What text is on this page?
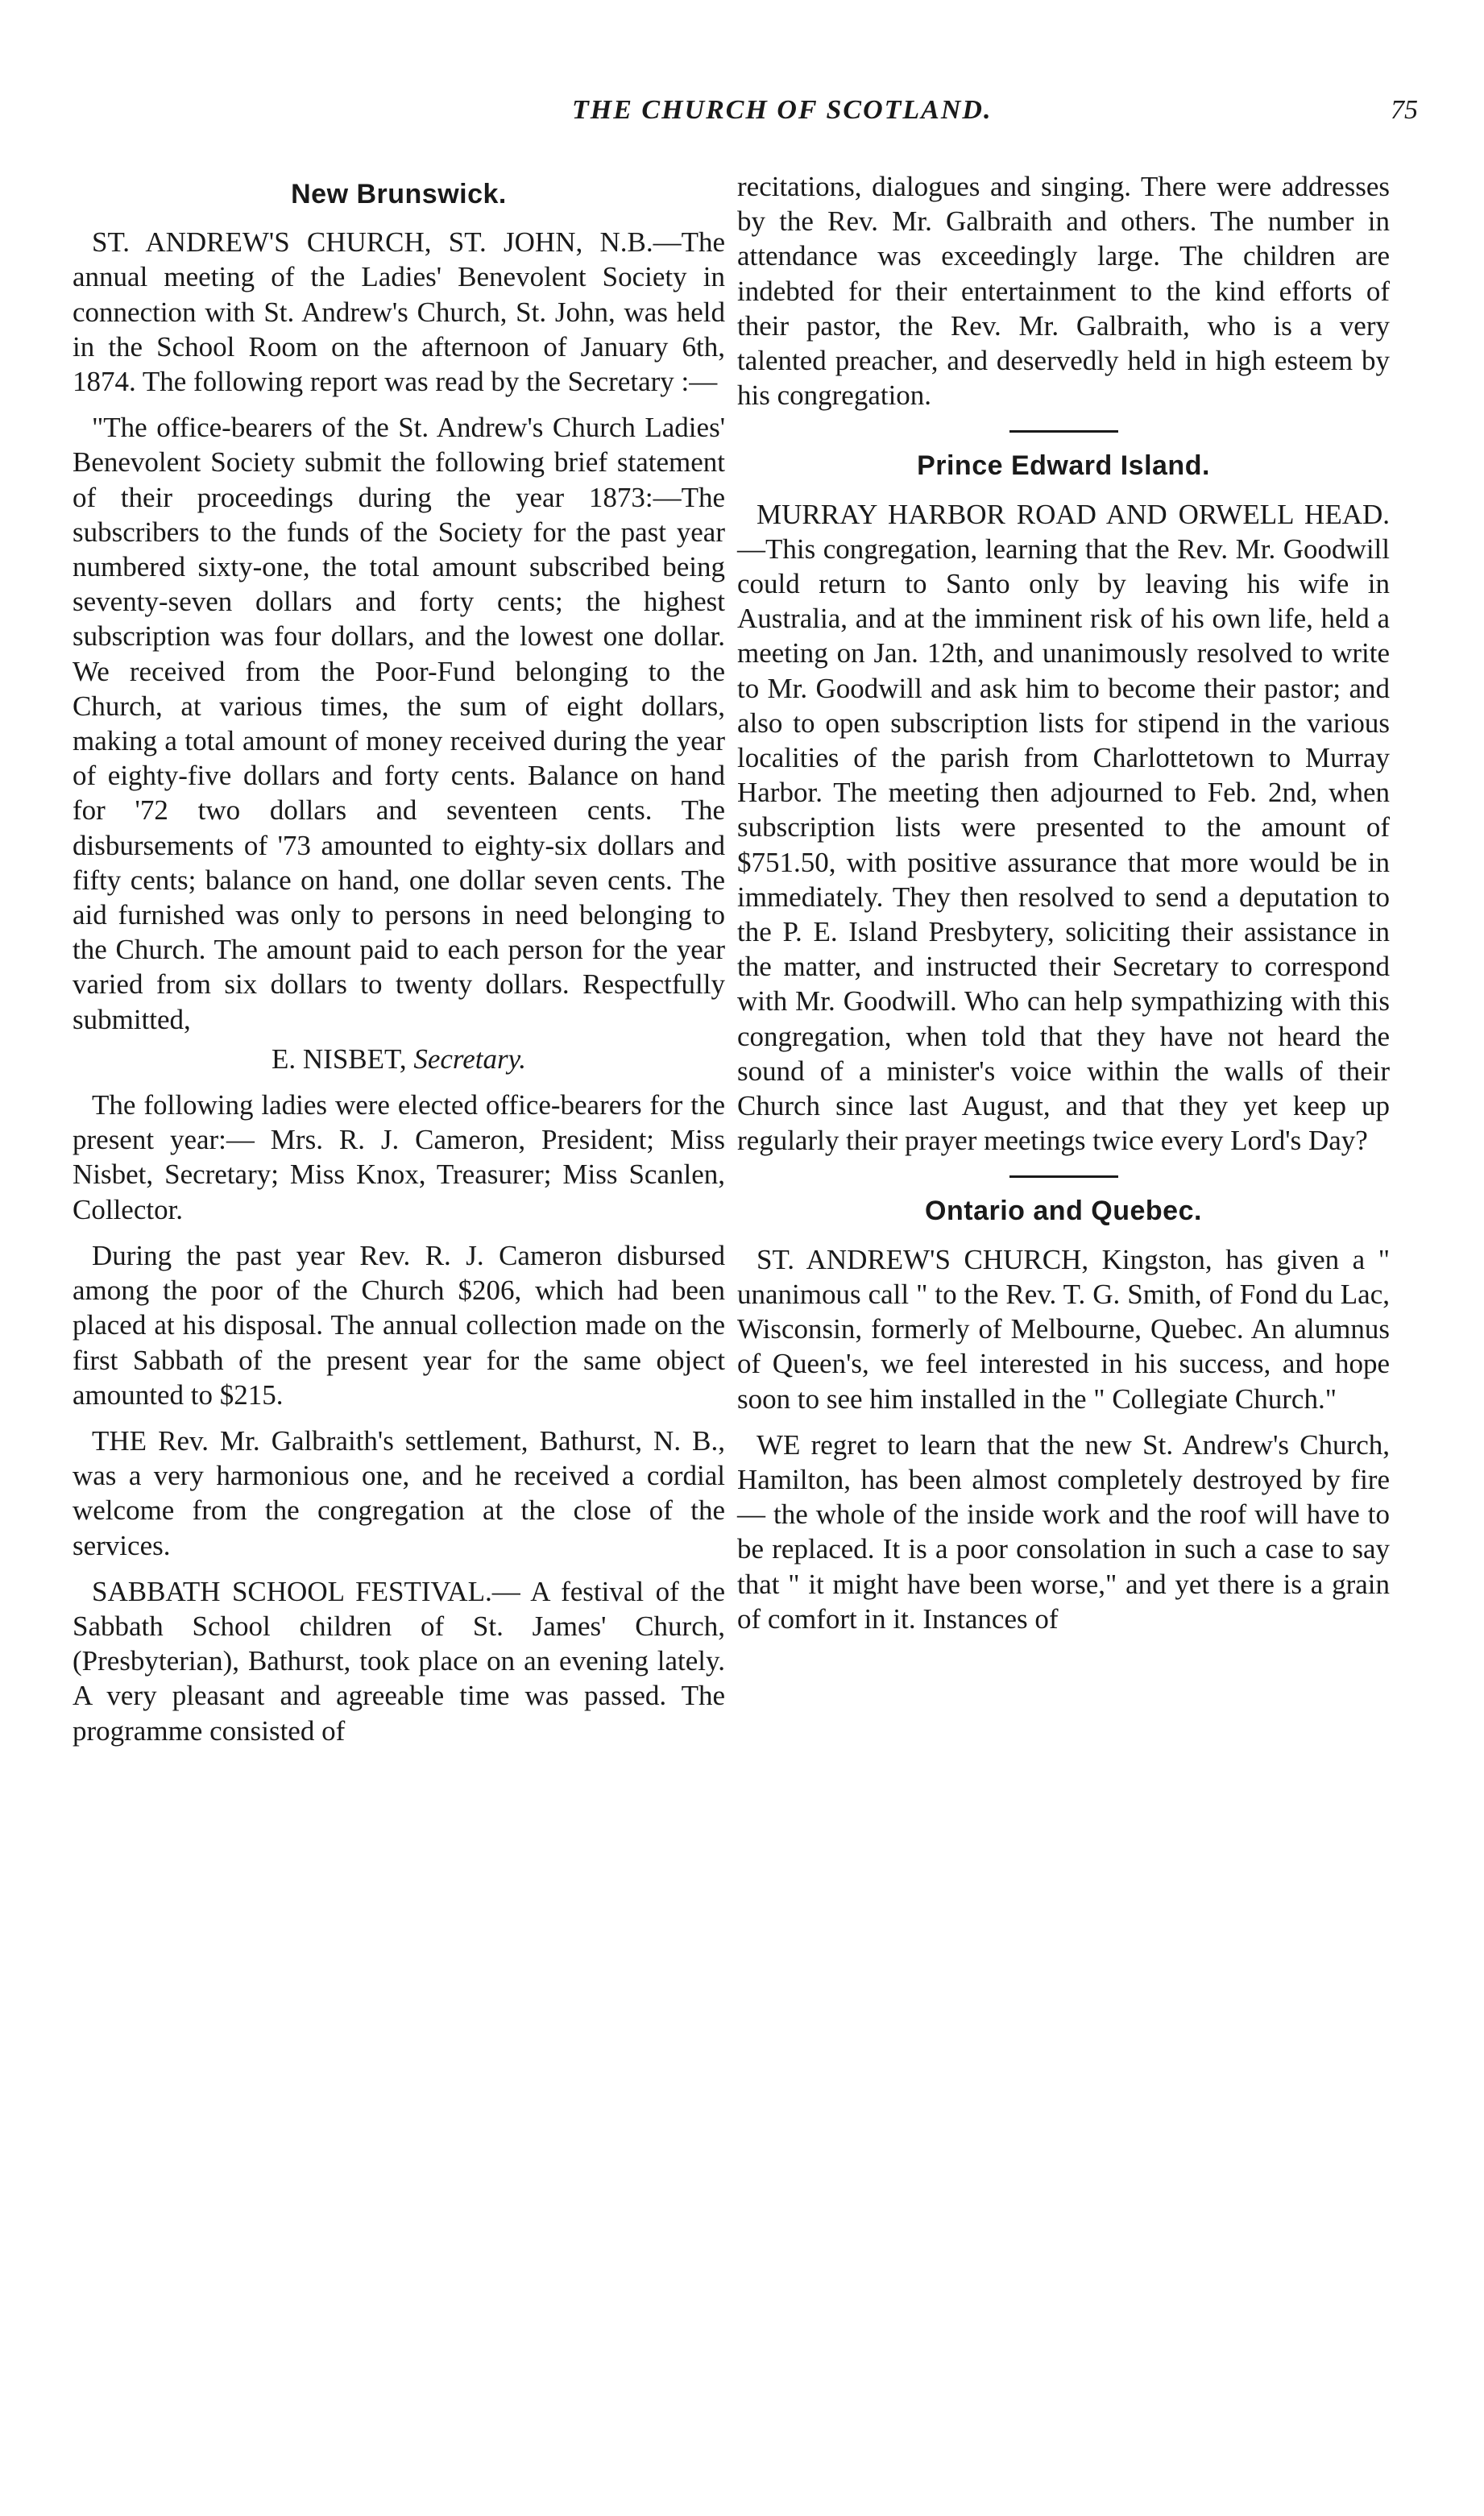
THE CHURCH OF SCOTLAND.	75
New Brunswick.

ST. ANDREW'S CHURCH, ST. JOHN, N.B.—The annual meeting of the Ladies' Benevolent Society in connection with St. Andrew's Church, St. John, was held in the School Room on the afternoon of January 6th, 1874. The following report was read by the Secretary :—

"The office-bearers of the St. Andrew's Church Ladies' Benevolent Society submit the following brief statement of their proceedings during the year 1873:—The subscribers to the funds of the Society for the past year numbered sixty-one, the total amount subscribed being seventy-seven dollars and forty cents; the highest subscription was four dollars, and the lowest one dollar. We received from the Poor-Fund belonging to the Church, at various times, the sum of eight dollars, making a total amount of money received during the year of eighty-five dollars and forty cents. Balance on hand for '72 two dollars and seventeen cents. The disbursements of '73 amounted to eighty-six dollars and fifty cents; balance on hand, one dollar seven cents. The aid furnished was only to persons in need belonging to the Church. The amount paid to each person for the year varied from six dollars to twenty dollars. Respectfully submitted,

E. NISBET, Secretary.

The following ladies were elected office-bearers for the present year:— Mrs. R. J. Cameron, President; Miss Nisbet, Secretary; Miss Knox, Treasurer; Miss Scanlen, Collector.

During the past year Rev. R. J. Cameron disbursed among the poor of the Church $206, which had been placed at his disposal. The annual collection made on the first Sabbath of the present year for the same object amounted to $215.

THE Rev. Mr. Galbraith's settlement, Bathurst, N. B., was a very harmonious one, and he received a cordial welcome from the congregation at the close of the services.

SABBATH SCHOOL FESTIVAL.— A festival of the Sabbath School children of St. James' Church, (Presbyterian), Bathurst, took place on an evening lately. A very pleasant and agreeable time was passed. The programme consisted of

recitations, dialogues and singing. There were addresses by the Rev. Mr. Galbraith and others. The number in attendance was exceedingly large. The children are indebted for their entertainment to the kind efforts of their pastor, the Rev. Mr. Galbraith, who is a very talented preacher, and deservedly held in high esteem by his congregation.

Prince Edward Island.

MURRAY HARBOR ROAD AND ORWELL HEAD.—This congregation, learning that the Rev. Mr. Goodwill could return to Santo only by leaving his wife in Australia, and at the imminent risk of his own life, held a meeting on Jan. 12th, and unanimously resolved to write to Mr. Goodwill and ask him to become their pastor; and also to open subscription lists for stipend in the various localities of the parish from Charlottetown to Murray Harbor. The meeting then adjourned to Feb. 2nd, when subscription lists were presented to the amount of $751.50, with positive assurance that more would be in immediately. They then resolved to send a deputation to the P. E. Island Presbytery, soliciting their assistance in the matter, and instructed their Secretary to correspond with Mr. Goodwill. Who can help sympathizing with this congregation, when told that they have not heard the sound of a minister's voice within the walls of their Church since last August, and that they yet keep up regularly their prayer meetings twice every Lord's Day?

Ontario and Quebec.

ST. ANDREW'S CHURCH, Kingston, has given a " unanimous call " to the Rev. T. G. Smith, of Fond du Lac, Wisconsin, formerly of Melbourne, Quebec. An alumnus of Queen's, we feel interested in his success, and hope soon to see him installed in the " Collegiate Church."

WE regret to learn that the new St. Andrew's Church, Hamilton, has been almost completely destroyed by fire— the whole of the inside work and the roof will have to be replaced. It is a poor consolation in such a case to say that " it might have been worse," and yet there is a grain of comfort in it. Instances of
